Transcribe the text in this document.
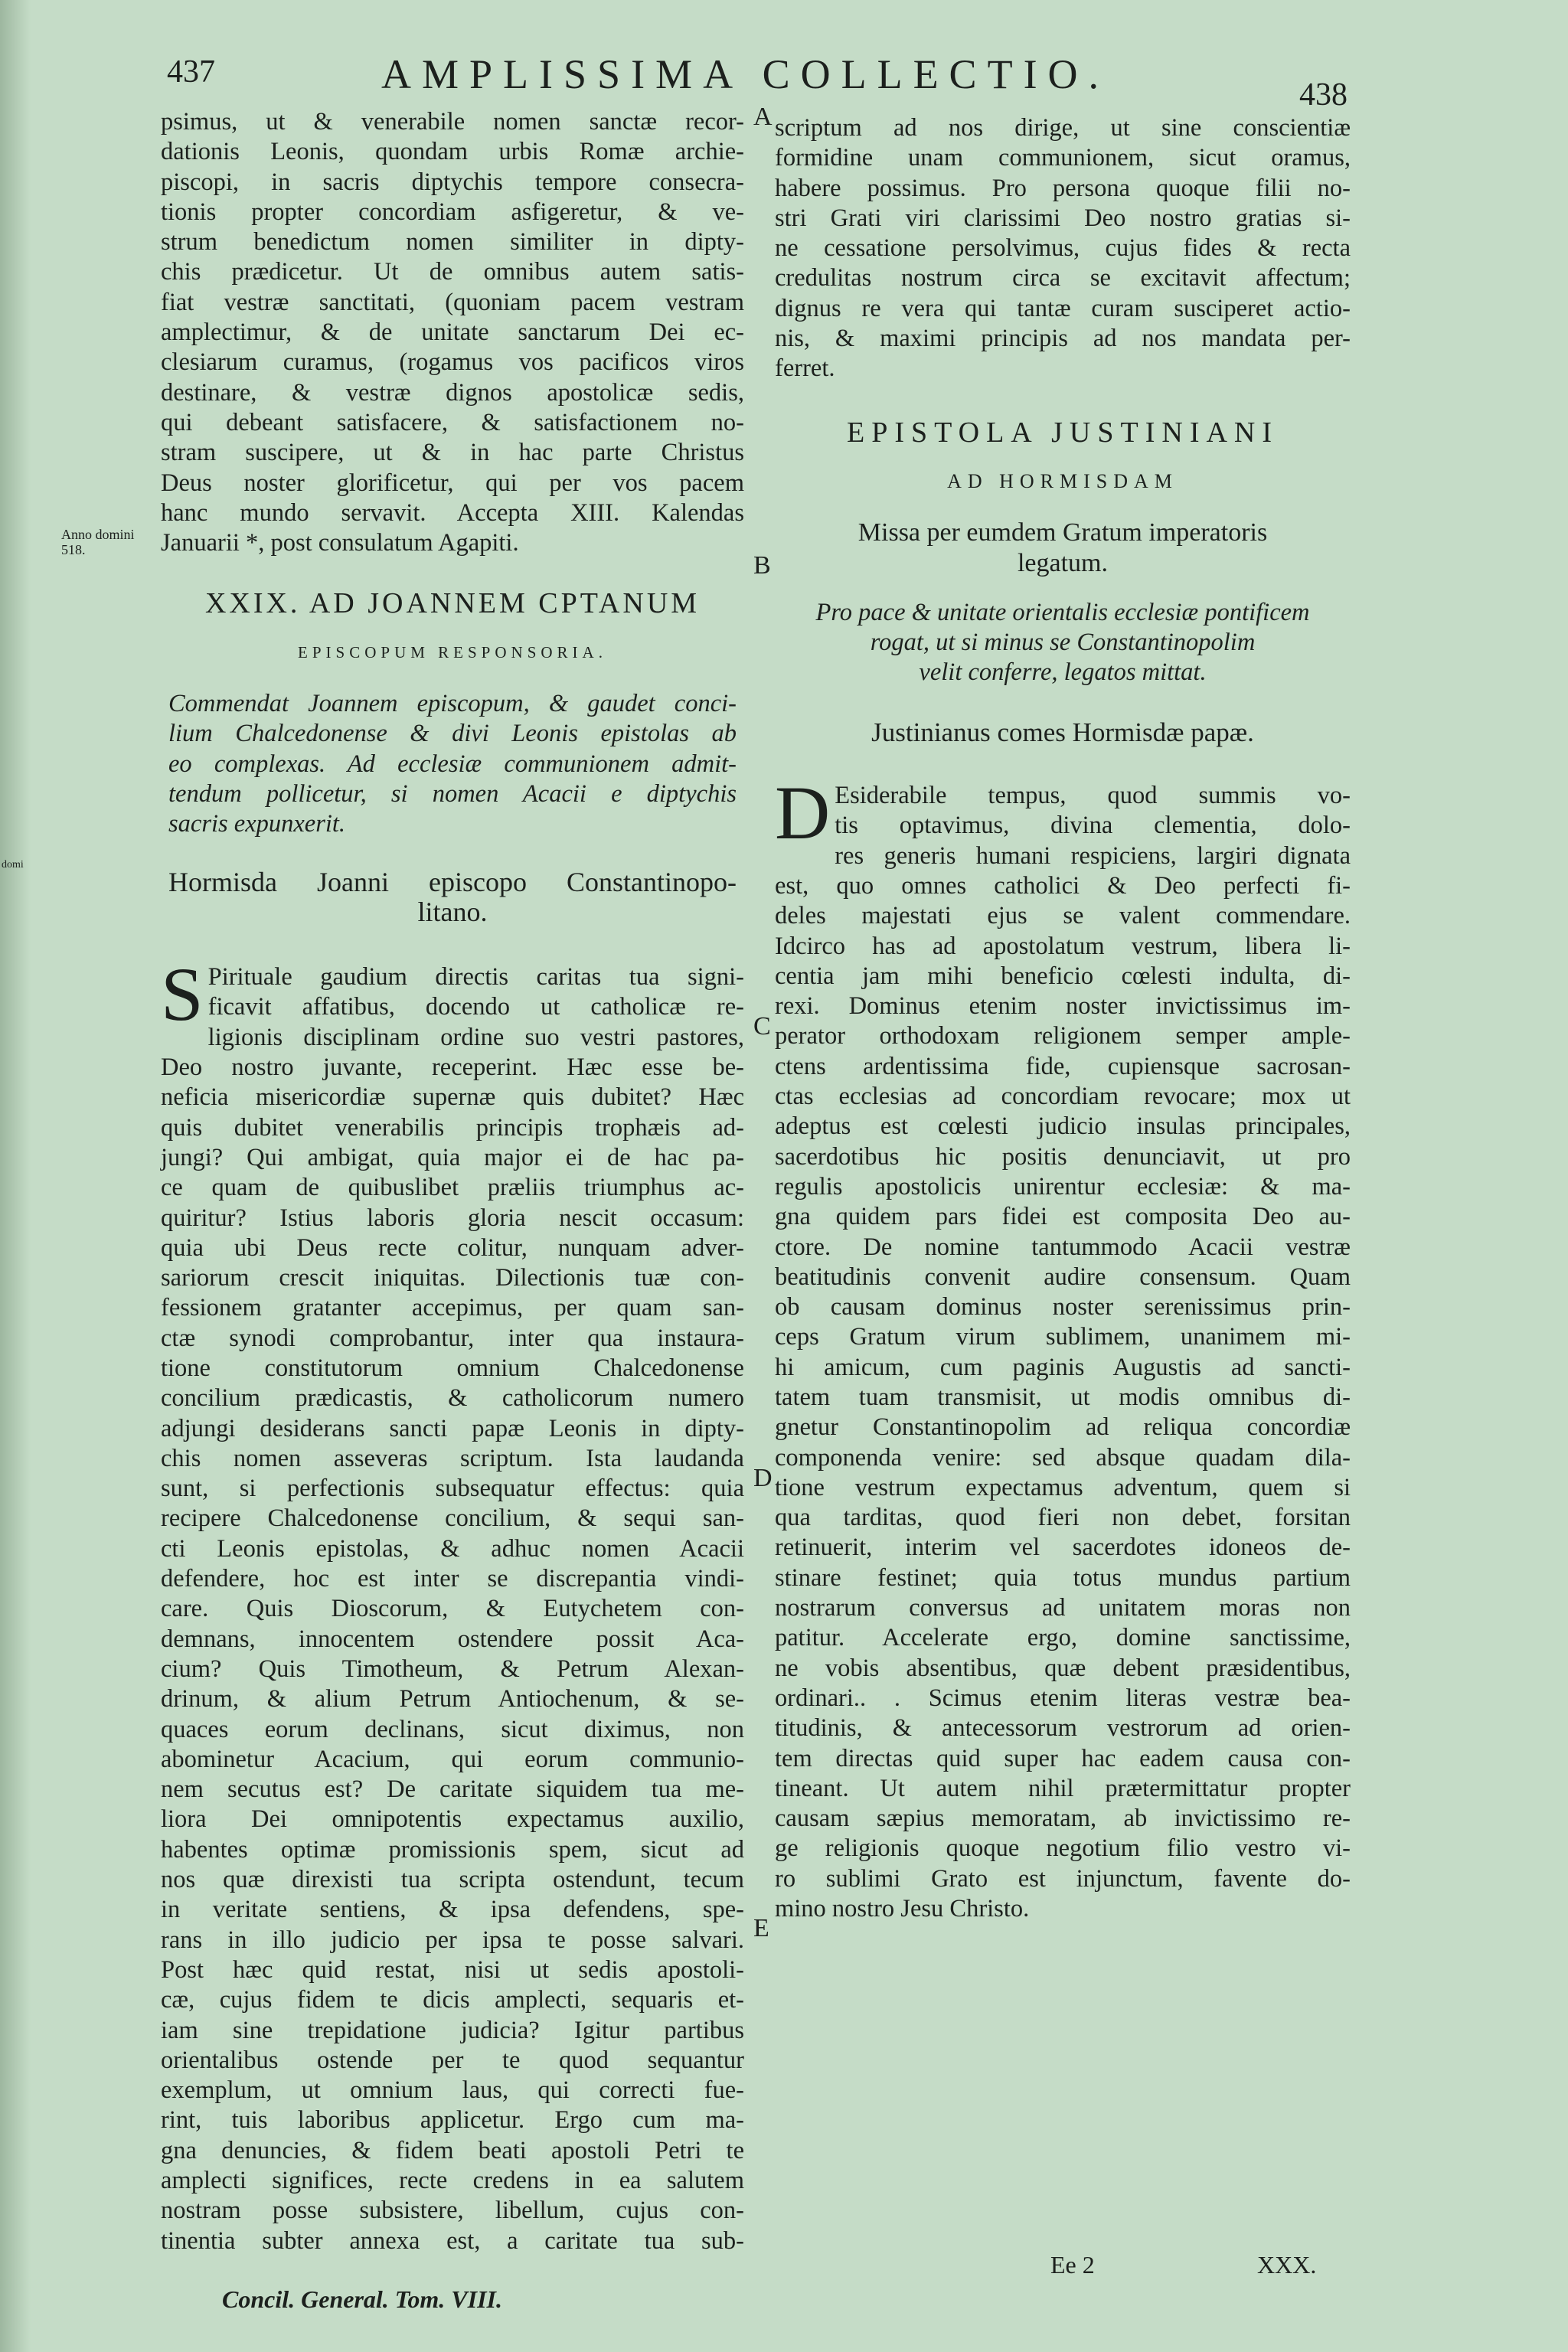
437	AMPLISSIMA COLLECTIO.	438
Anno domini 518.
domi
A
B
C
D
E
psimus, ut & venerabile nomen sanctæ recor-
dationis Leonis, quondam urbis Romæ archie-
piscopi, in sacris diptychis tempore consecra-
tionis propter concordiam asfigeretur, & ve-
strum benedictum nomen similiter in dipty-
chis prædicetur. Ut de omnibus autem satis-
fiat vestræ sanctitati, (quoniam pacem vestram
amplectimur, & de unitate sanctarum Dei ec-
clesiarum curamus, (rogamus vos pacificos viros
destinare, & vestræ dignos apostolicæ sedis,
qui debeant satisfacere, & satisfactionem no-
stram suscipere, ut & in hac parte Christus
Deus noster glorificetur, qui per vos pacem
hanc mundo servavit. Accepta XIII. Kalendas
Januarii *, post consulatum Agapiti.
XXIX. AD JOANNEM CPTANUM
EPISCOPUM RESPONSORIA.
Commendat Joannem episcopum, & gaudet conci-
lium Chalcedonense & divi Leonis epistolas ab
eo complexas. Ad ecclesiæ communionem admit-
tendum pollicetur, si nomen Acacii e diptychis
sacris expunxerit.
Hormisda Joanni episcopo Constantinopo-
litano.
S Pirituale gaudium directis caritas tua signi-
ficavit affatibus, docendo ut catholicæ re-
ligionis disciplinam ordine suo vestri pastores,
Deo nostro juvante, receperint. Hæc esse be-
neficia misericordiæ supernæ quis dubitet? Hæc
quis dubitet venerabilis principis trophæis ad-
jungi? Qui ambigat, quia major ei de hac pa-
ce quam de quibuslibet præliis triumphus ac-
quiritur? Istius laboris gloria nescit occasum:
quia ubi Deus recte colitur, nunquam adver-
sariorum crescit iniquitas. Dilectionis tuæ con-
fessionem gratanter accepimus, per quam san-
ctæ synodi comprobantur, inter qua instaura-
tione constitutorum omnium Chalcedonense
concilium prædicastis, & catholicorum numero
adjungi desiderans sancti papæ Leonis in dipty-
chis nomen asseveras scriptum. Ista laudanda
sunt, si perfectionis subsequatur effectus: quia
recipere Chalcedonense concilium, & sequi san-
cti Leonis epistolas, & adhuc nomen Acacii
defendere, hoc est inter se discrepantia vindi-
care. Quis Dioscorum, & Eutychetem con-
demnans, innocentem ostendere possit Aca-
cium? Quis Timotheum, & Petrum Alexan-
drinum, & alium Petrum Antiochenum, & se-
quaces eorum declinans, sicut diximus, non
abominetur Acacium, qui eorum communio-
nem secutus est? De caritate siquidem tua me-
liora Dei omnipotentis expectamus auxilio,
habentes optimæ promissionis spem, sicut ad
nos quæ direxisti tua scripta ostendunt, tecum
in veritate sentiens, & ipsa defendens, spe-
rans in illo judicio per ipsa te posse salvari.
Post hæc quid restat, nisi ut sedis apostoli-
cæ, cujus fidem te dicis amplecti, sequaris et-
iam sine trepidatione judicia? Igitur partibus
orientalibus ostende per te quod sequantur
exemplum, ut omnium laus, qui correcti fue-
rint, tuis laboribus applicetur. Ergo cum ma-
gna denuncies, & fidem beati apostoli Petri te
amplecti significes, recte credens in ea salutem
nostram posse subsistere, libellum, cujus con-
tinentia subter annexa est, a caritate tua sub-
scriptum ad nos dirige, ut sine conscientiæ
formidine unam communionem, sicut oramus,
habere possimus. Pro persona quoque filii no-
stri Grati viri clarissimi Deo nostro gratias si-
ne cessatione persolvimus, cujus fides & recta
credulitas nostrum circa se excitavit affectum;
dignus re vera qui tantæ curam susciperet actio-
nis, & maximi principis ad nos mandata per-
ferret.
EPISTOLA JUSTINIANI
AD HORMISDAM
Missa per eumdem Gratum imperatoris
legatum.
Pro pace & unitate orientalis ecclesiæ pontificem
rogat, ut si minus se Constantinopolim
velit conferre, legatos mittat.
Justinianus comes Hormisdæ papæ.
D Esiderabile tempus, quod summis vo-
tis optavimus, divina clementia, dolo-
res generis humani respiciens, largiri dignata
est, quo omnes catholici & Deo perfecti fi-
deles majestati ejus se valent commendare.
Idcirco has ad apostolatum vestrum, libera li-
centia jam mihi beneficio cœlesti indulta, di-
rexi. Dominus etenim noster invictissimus im-
perator orthodoxam religionem semper ample-
ctens ardentissima fide, cupiensque sacrosan-
ctas ecclesias ad concordiam revocare; mox ut
adeptus est cœlesti judicio insulas principales,
sacerdotibus hic positis denunciavit, ut pro
regulis apostolicis unirentur ecclesiæ: & ma-
gna quidem pars fidei est composita Deo au-
ctore. De nomine tantummodo Acacii vestræ
beatitudinis convenit audire consensum. Quam
ob causam dominus noster serenissimus prin-
ceps Gratum virum sublimem, unanimem mi-
hi amicum, cum paginis Augustis ad sancti-
tatem tuam transmisit, ut modis omnibus di-
gnetur Constantinopolim ad reliqua concordiæ
componenda venire: sed absque quadam dila-
tione vestrum expectamus adventum, quem si
qua tarditas, quod fieri non debet, forsitan
retinuerit, interim vel sacerdotes idoneos de-
stinare festinet; quia totus mundus partium
nostrarum conversus ad unitatem moras non
patitur. Accelerate ergo, domine sanctissime,
ne vobis absentibus, quæ debent præsidentibus,
ordinari.. . Scimus etenim literas vestræ bea-
titudinis, & antecessorum vestrorum ad orien-
tem directas quid super hac eadem causa con-
tineant. Ut autem nihil prætermittatur propter
causam sæpius memoratam, ab invictissimo re-
ge religionis quoque negotium filio vestro vi-
ro sublimi Grato est injunctum, favente do-
mino nostro Jesu Christo.
Concil. General. Tom. VIII.
Ee 2	XXX.
